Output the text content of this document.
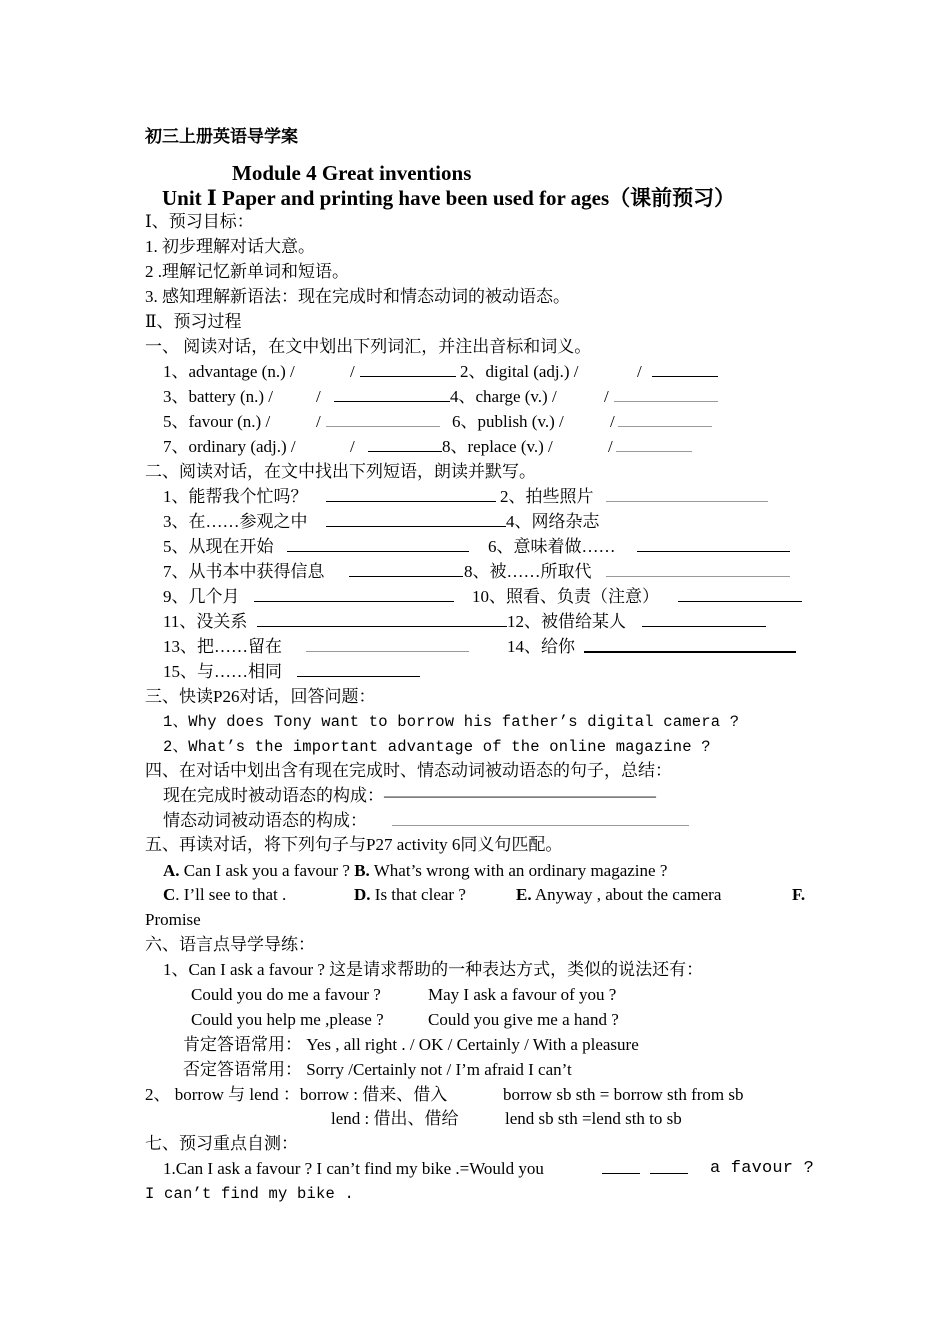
初三上册英语导学案
Module 4 Great inventions
Unit Ⅰ Paper and printing have been used for ages（课前预习）
Ⅰ、预习目标：
1. 初步理解对话大意。
2 .理解记忆新单词和短语。
3. 感知理解新语法：现在完成时和情态动词的被动语态。
Ⅱ、预习过程
一、 阅读对话，在文中划出下列词汇，并注出音标和词义。
1、advantage (n.) /	/	2、digital (adj.) /	/
3、battery (n.) /	/	4、charge (v.) /	/
5、favour (n.) /	/	6、publish (v.) /	/
7、ordinary (adj.) /	/	8、replace (v.) /	/
二、阅读对话，在文中找出下列短语，朗读并默写。
1、能帮我个忙吗？	2、拍些照片
3、在……参观之中	4、网络杂志
5、从现在开始	6、意味着做……
7、从书本中获得信息	8、被……所取代
9、几个月	10、照看、负责（注意）
11、没关系	12、被借给某人
13、把……留在	14、给你
15、与……相同
三、快读P26对话，回答问题：
1、Why does Tony want to borrow his father’s digital camera ?
2、What’s the important advantage of the online magazine ?
四、在对话中划出含有现在完成时、情态动词被动语态的句子，总结：
现在完成时被动语态的构成：————————————————
情态动词被动语态的构成：
五、再读对话，将下列句子与P27 activity 6同义句匹配。
A. Can I ask you a favour ? B. What’s wrong with an ordinary magazine ?
C. I’ll see to that .	D. Is that clear ?	E. Anyway , about the camera	F.
Promise
六、语言点导学导练：
1、Can I ask a favour ? 这是请求帮助的一种表达方式，类似的说法还有：
Could you do me a favour ?	May I ask a favour of you ?
Could you help me ,please ?	Could you give me a hand ?
肯定答语常用： Yes , all right . / OK / Certainly / With a pleasure
否定答语常用： Sorry /Certainly not / I’m afraid I can’t
2、 borrow 与 lend ：borrow : 借来、借入	borrow sb sth = borrow sth from sb
lend : 借出、借给	lend sb sth =lend sth to sb
七、预习重点自测：
1.Can I ask a favour ? I can’t find my bike .=Would you	a favour ?
I can’t find my bike .
